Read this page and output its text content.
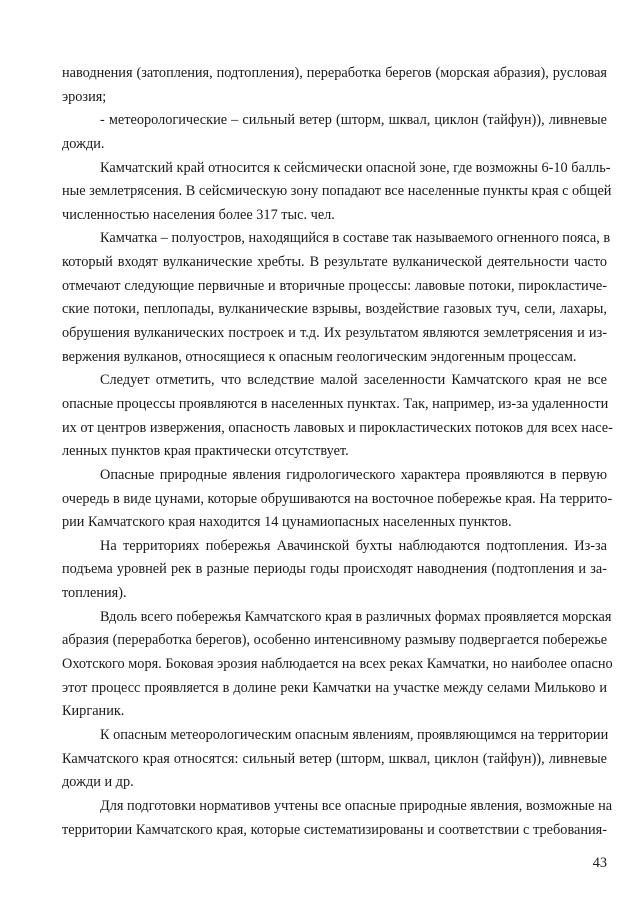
наводнения (затопления, подтопления), переработка берегов (морская абразия), русловая
эрозия;
- метеорологические – сильный ветер (шторм, шквал, циклон (тайфун)), ливневые
дожди.
Камчатский край относится к сейсмически опасной зоне, где возможны 6-10 балль-
ные землетрясения. В сейсмическую зону попадают все населенные пункты края с общей
численностью населения более 317 тыс. чел.
Камчатка – полуостров, находящийся в составе так называемого огненного пояса, в
который входят вулканические хребты. В результате вулканической деятельности часто
отмечают следующие первичные и вторичные процессы: лавовые потоки, пирокластиче-
ские потоки, пеплопады, вулканические взрывы, воздействие газовых туч, сели, лахары,
обрушения вулканических построек и т.д. Их результатом являются землетрясения и из-
вержения вулканов, относящиеся к опасным геологическим эндогенным процессам.
Следует отметить, что вследствие малой заселенности Камчатского края не все
опасные процессы проявляются в населенных пунктах. Так, например, из-за удаленности
их от центров извержения, опасность лавовых и пирокластических потоков для всех насе-
ленных пунктов края практически отсутствует.
Опасные природные явления гидрологического характера проявляются в первую
очередь в виде цунами, которые обрушиваются на восточное побережье края. На террито-
рии Камчатского края находится 14 цунамиопасных населенных пунктов.
На территориях побережья Авачинской бухты наблюдаются подтопления. Из-за
подъема уровней рек в разные периоды годы происходят наводнения (подтопления и за-
топления).
Вдоль всего побережья Камчатского края в различных формах проявляется морская
абразия (переработка берегов), особенно интенсивному размыву подвергается побережье
Охотского моря. Боковая эрозия наблюдается на всех реках Камчатки, но наиболее опасно
этот процесс проявляется в долине реки Камчатки на участке между селами Мильково и
Кирганик.
К опасным метеорологическим опасным явлениям, проявляющимся на территории
Камчатского края относятся: сильный ветер (шторм, шквал, циклон (тайфун)), ливневые
дожди и др.
Для подготовки нормативов учтены все опасные природные явления, возможные на
территории Камчатского края, которые систематизированы и соответствии с требования-
43
